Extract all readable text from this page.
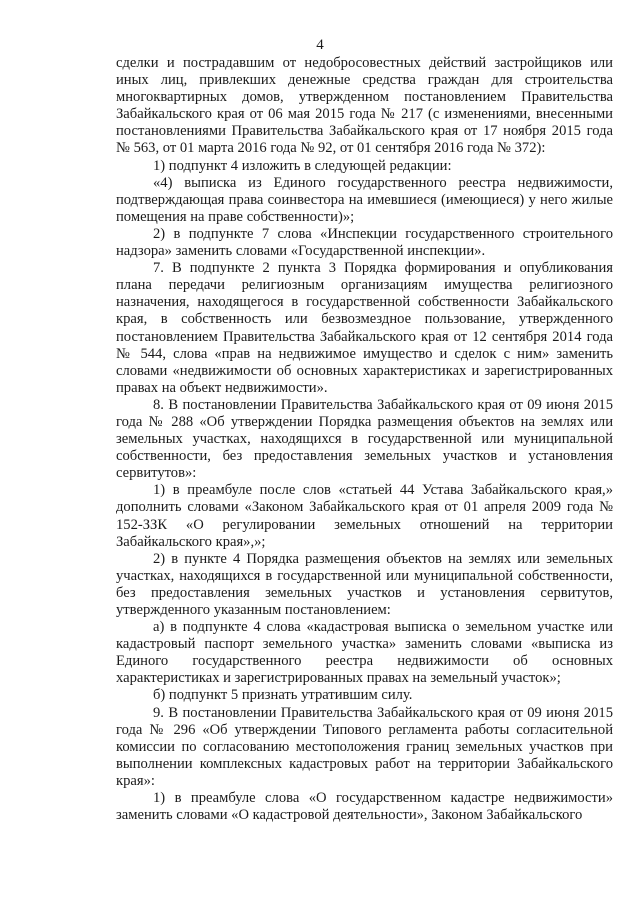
4

сделки и пострадавшим от недобросовестных действий застройщиков или иных лиц, привлекших денежные средства граждан для строительства многоквартирных домов, утвержденном постановлением Правительства Забайкальского края от 06 мая 2015 года № 217 (с изменениями, внесенными постановлениями Правительства Забайкальского края от 17 ноября 2015 года № 563, от 01 марта 2016 года № 92, от 01 сентября 2016 года № 372):

1) подпункт 4 изложить в следующей редакции:

«4) выписка из Единого государственного реестра недвижимости, подтверждающая права соинвестора на имевшиеся (имеющиеся) у него жилые помещения на праве собственности)»;

2) в подпункте 7 слова «Инспекции государственного строительного надзора» заменить словами «Государственной инспекции».

7. В подпункте 2 пункта 3 Порядка формирования и опубликования плана передачи религиозным организациям имущества религиозного назначения, находящегося в государственной собственности Забайкальского края, в собственность или безвозмездное пользование, утвержденного постановлением Правительства Забайкальского края от 12 сентября 2014 года № 544, слова «прав на недвижимое имущество и сделок с ним» заменить словами «недвижимости об основных характеристиках и зарегистрированных правах на объект недвижимости».

8. В постановлении Правительства Забайкальского края от 09 июня 2015 года № 288 «Об утверждении Порядка размещения объектов на землях или земельных участках, находящихся в государственной или муниципальной собственности, без предоставления земельных участков и установления сервитутов»:

1) в преамбуле после слов «статьей 44 Устава Забайкальского края,» дополнить словами «Законом Забайкальского края от 01 апреля 2009 года № 152-ЗЗК «О регулировании земельных отношений на территории Забайкальского края»,»;

2) в пункте 4 Порядка размещения объектов на землях или земельных участках, находящихся в государственной или муниципальной собственности, без предоставления земельных участков и установления сервитутов, утвержденного указанным постановлением:

а) в подпункте 4 слова «кадастровая выписка о земельном участке или кадастровый паспорт земельного участка» заменить словами «выписка из Единого государственного реестра недвижимости об основных характеристиках и зарегистрированных правах на земельный участок»;

б) подпункт 5 признать утратившим силу.

9. В постановлении Правительства Забайкальского края от 09 июня 2015 года № 296 «Об утверждении Типового регламента работы согласительной комиссии по согласованию местоположения границ земельных участков при выполнении комплексных кадастровых работ на территории Забайкальского края»:

1) в преамбуле слова «О государственном кадастре недвижимости» заменить словами «О кадастровой деятельности», Законом Забайкальского
